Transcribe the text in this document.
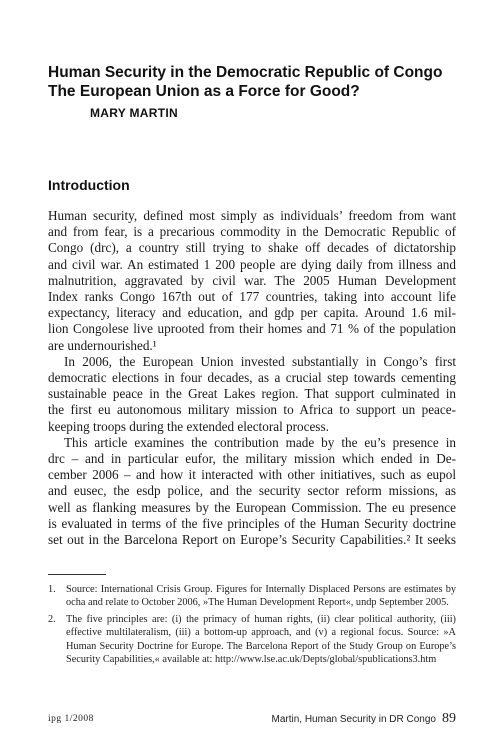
Human Security in the Democratic Republic of Congo
The European Union as a Force for Good?
MARY MARTIN
Introduction

Human security, defined most simply as individuals’ freedom from want
and from fear, is a precarious commodity in the Democratic Republic of
Congo (drc), a country still trying to shake off decades of dictatorship
and civil war. An estimated 1 200 people are dying daily from illness and
malnutrition, aggravated by civil war. The 2005 Human Development
Index ranks Congo 167th out of 177 countries, taking into account life
expectancy, literacy and education, and gdp per capita. Around 1.6 mil-
lion Congolese live uprooted from their homes and 71 % of the population
are undernourished.¹

In 2006, the European Union invested substantially in Congo’s first
democratic elections in four decades, as a crucial step towards cementing
sustainable peace in the Great Lakes region. That support culminated in
the first eu autonomous military mission to Africa to support un peace-
keeping troops during the extended electoral process.

This article examines the contribution made by the eu’s presence in
drc – and in particular eufor, the military mission which ended in De-
cember 2006 – and how it interacted with other initiatives, such as eupol
and eusec, the esdp police, and the security sector reform missions, as
well as flanking measures by the European Commission. The eu presence
is evaluated in terms of the five principles of the Human Security doctrine
set out in the Barcelona Report on Europe’s Security Capabilities.² It seeks

1. Source: International Crisis Group. Figures for Internally Displaced Persons are estimates by ocha and relate to October 2006, »The Human Development Report«, undp September 2005.
2. The five principles are: (i) the primacy of human rights, (ii) clear political authority, (iii) effective multilateralism, (iii) a bottom-up approach, and (v) a regional focus. Source: »A Human Security Doctrine for Europe. The Barcelona Report of the Study Group on Europe’s Security Capabilities,« available at: http://www.lse.ac.uk/Depts/global/spublications3.htm
ipg 1/2008	Martin, Human Security in DR Congo 89
